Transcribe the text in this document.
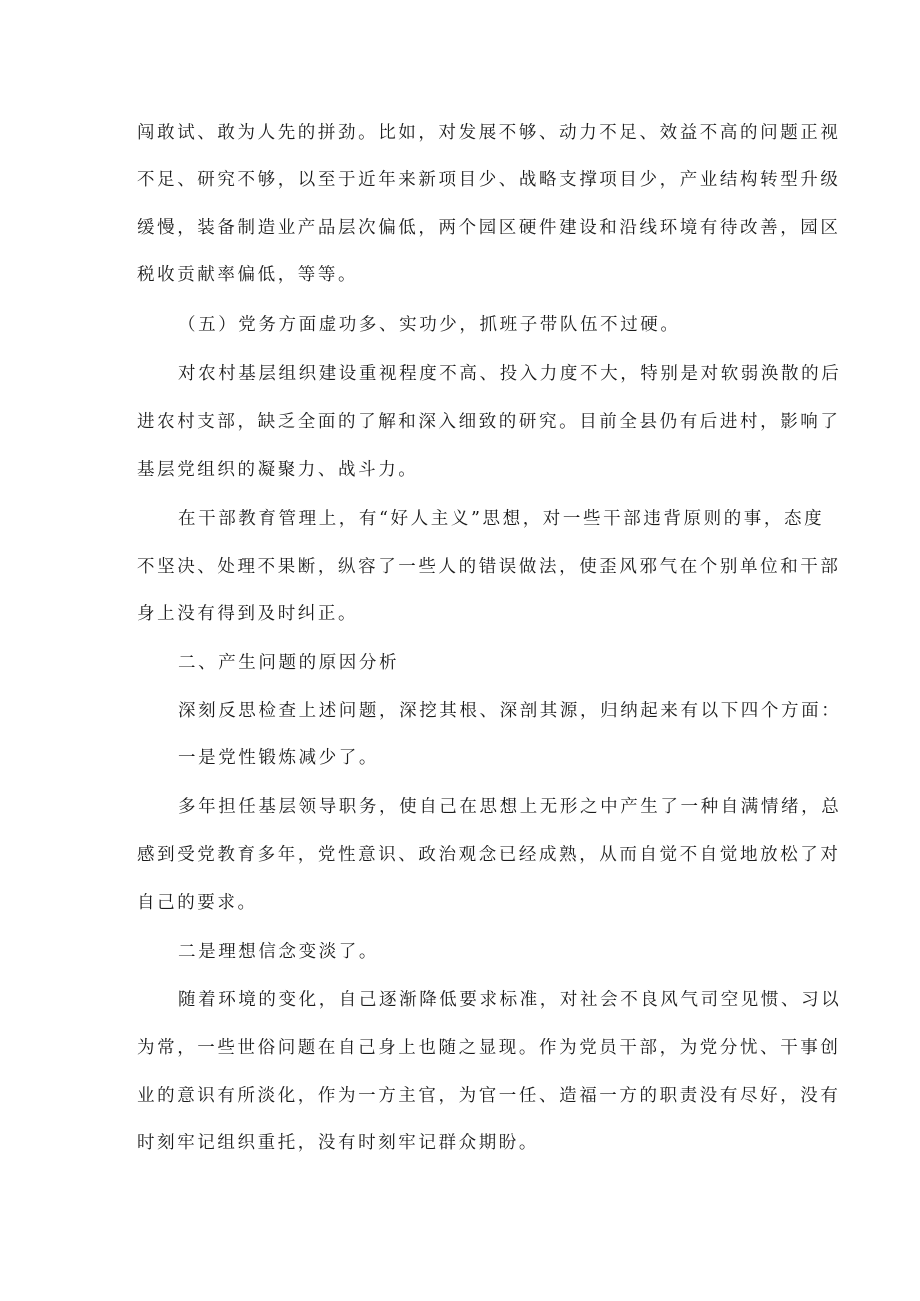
闯敢试、敢为人先的拼劲。比如，对发展不够、动力不足、效益不高的问题正视
不足、研究不够，以至于近年来新项目少、战略支撑项目少，产业结构转型升级
缓慢，装备制造业产品层次偏低，两个园区硬件建设和沿线环境有待改善，园区
税收贡献率偏低，等等。
（五）党务方面虚功多、实功少，抓班子带队伍不过硬。
对农村基层组织建设重视程度不高、投入力度不大，特别是对软弱涣散的后
进农村支部，缺乏全面的了解和深入细致的研究。目前全县仍有后进村，影响了
基层党组织的凝聚力、战斗力。
在干部教育管理上，有“好人主义”思想，对一些干部违背原则的事，态度
不坚决、处理不果断，纵容了一些人的错误做法，使歪风邪气在个别单位和干部
身上没有得到及时纠正。
二、产生问题的原因分析
深刻反思检查上述问题，深挖其根、深剖其源，归纳起来有以下四个方面：
一是党性锻炼减少了。
多年担任基层领导职务，使自己在思想上无形之中产生了一种自满情绪，总
感到受党教育多年，党性意识、政治观念已经成熟，从而自觉不自觉地放松了对
自己的要求。
二是理想信念变淡了。
随着环境的变化，自己逐渐降低要求标准，对社会不良风气司空见惯、习以
为常，一些世俗问题在自己身上也随之显现。作为党员干部，为党分忧、干事创
业的意识有所淡化，作为一方主官，为官一任、造福一方的职责没有尽好，没有
时刻牢记组织重托，没有时刻牢记群众期盼。
